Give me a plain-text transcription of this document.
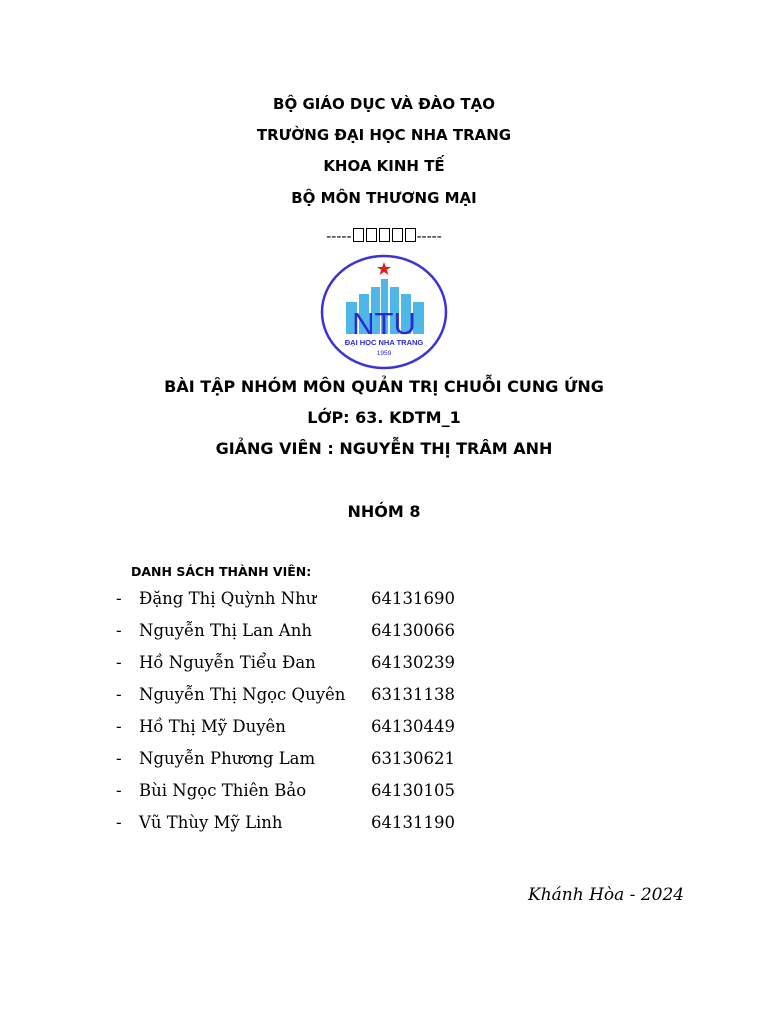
BỘ GIÁO DỤC VÀ ĐÀO TẠO
TRƯỜNG ĐẠI HỌC NHA TRANG
KHOA KINH TẾ
BỘ MÔN THƯƠNG MẠI
-----	-----
NTU
ĐẠI HỌC NHA TRANG
1959
BÀI TẬP NHÓM MÔN QUẢN TRỊ CHUỖI CUNG ỨNG
LỚP: 63. KDTM_1
GIẢNG VIÊN : NGUYỄN THỊ TRÂM ANH
NHÓM 8
DANH SÁCH THÀNH VIÊN:
- Đặng Thị Quỳnh Như	64131690
- Nguyễn Thị Lan Anh	64130066
- Hồ Nguyễn Tiểu Đan	64130239
- Nguyễn Thị Ngọc Quyên 63131138
- Hồ Thị Mỹ Duyên	64130449
- Nguyễn Phương Lam	63130621
- Bùi Ngọc Thiên Bảo	64130105
- Vũ Thùy Mỹ Linh	64131190
Khánh Hòa - 2024
